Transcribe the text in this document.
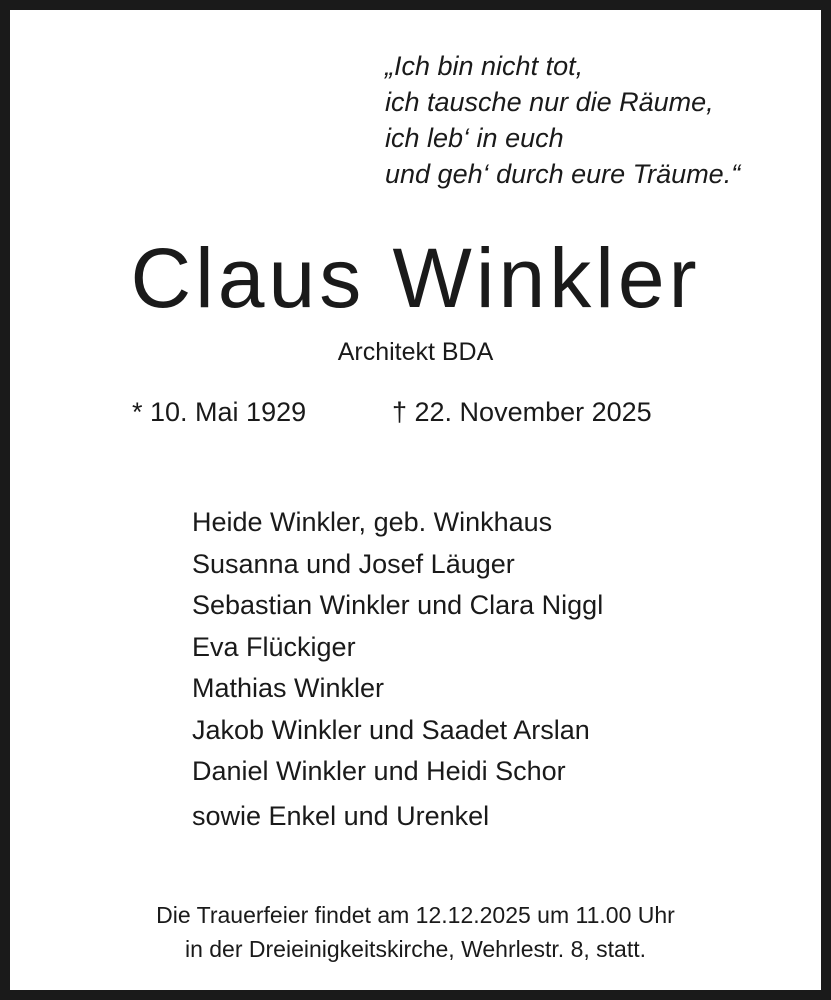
„Ich bin nicht tot,
ich tausche nur die Räume,
ich leb‘ in euch
und geh‘ durch eure Träume.“
Claus Winkler
Architekt BDA
* 10. Mai 1929	† 22. November 2025
Heide Winkler, geb. Winkhaus
Susanna und Josef Läuger
Sebastian Winkler und Clara Niggl
Eva Flückiger
Mathias Winkler
Jakob Winkler und Saadet Arslan
Daniel Winkler und Heidi Schor
sowie Enkel und Urenkel
Die Trauerfeier findet am 12.12.2025 um 11.00 Uhr
in der Dreieinigkeitskirche, Wehrlestr. 8, statt.
